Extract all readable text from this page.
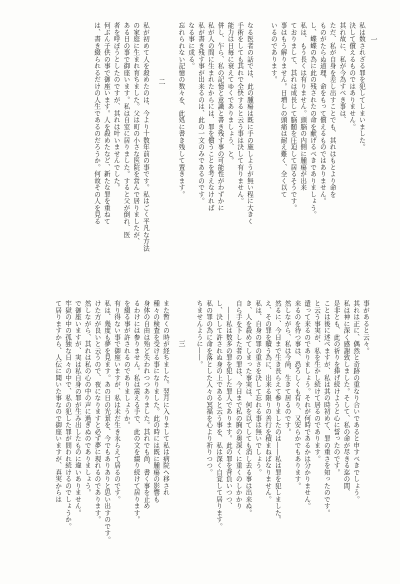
一
私は数されざる罪を犯してしまいました。
決して償えるものではありません。
其れ故に、私が今為すべき事は、
ただ、私が自身を差し出すことでも、其れはもとより命を
ものがたらぬ道理、命をもって償えるものではありません。
し、蝶蝶の為に此の残されたの命を献げるべきでありましょう。
私は、もう長くは有りません。頭脳の内側に腫瘍が出来
ておりまして、其れは成長して脳髄を圧迫して居るそうです。
事はもう解りません。日増しの頭痛は耐え難く、全く以て
いるのであります。
なる医者の話では、此の腫瘍は既に手の施しようが無い程に大きく
手術をしても其れで全快すると云う事は決して有りません。
能力は日毎に衰えてゆくでありましょう、と。
併し、乍ら、私の記憶と意識と書き残す事の可能性がわずかに
私が人の間に生まれたからには、罪を償うことを考えなければ
私が書き残す事が出来るのは、此の一文のみであるのです。
なる事に成る。
忘れられない記憶の数々を、此処に書き残して置きます。
二
私が初めて人を殺めたのは、今より十数年前の事です。私はごく平凡な方法
の家庭に生まれ育ちました。父は町の小さな医院を営んで居りましたが、
ある日の事で御座います。私は自室に居りました。すると父が倒れ、医
者を呼ぼうとしたのですが、其れは叶いませんでした。
何ぶん子供の事で御座います。人を殺めたなど、新たな罪を重ねて
は、書き綴られるだけの人生であるのだろうか。何故その人を見る
事があると云々。
其れは正に、偶然と奇跡の重なり合いであると申すべきでしょう。
私は神に深く感謝致しました。そして、私の命が尽きる迄の間、
是非とも、此の祈りを捧げ続けようと心に誓ったのです。
ことは後に述べますが、私は其の時初めて、罪の重さを知ったのです。
と云う事実が、私を生かし続けて居るのであります。
遣って来るのでありましょう。それが何時であるかは分かりません。
来るのを待つ事は、恐ろしくも有り、又安らかでもあります。
然しながら、私は今尚、生きて居るのです。
然るに、今日まで生き長らえて参りましたのは――私は罪を犯しました。
え、その罪を贖う為に、出来る限りの善行を積まねばなりません。
私は、自身の罪の重さを決して忘れる事は無いでしょう。
き、人を殺めてしまった事実は、何を以てしても消し去る事は出来ぬ。
自ら手を下した者の罪は、今日まで私の胸の奥深くに重くのしかかり
　――私は数多の罪を犯した罪人であります。此の罪を背負いつつ、
し、決して許されぬ身の上であると云う事を、私は深く自覚して居ります。
私の罪の為に命を落とした人々の冥福を心より祈りつつ。
ちませんように――。
三
また暫くの時が経ちました。翌月に入りまして私は病院へ移され
種々の検査を受ける事になりました。此の時には既に腫瘍の影響も
身体の自由は殆ど失われつつありました。其れでも尚、書く事を止め
るわけには参りません。私は震える手で、此の文を綴り続けて居ります。
を綴る事が許されるのでありましょうか。
有り得ない事で御座いますが、私は未だ生き永らえて居るのです。
私は、幾度も夢を見ます。あの日の光景を、今でもありありと思い出すのです。
けた方が良いと云うので、夜になりますと必ず夢に現れるのであります。
然しながら、其れは私の心の中の声に過ぎぬのでありましょう。
で御座いますが、実は私自身の罪が生み出したものに違いありません。
牢獄の中の孤独な日々の中で、私の犯した罪が問われ続けるのでしょうか。
て居りますから、人伝に聞いた事なので御座いますが、真実からは
